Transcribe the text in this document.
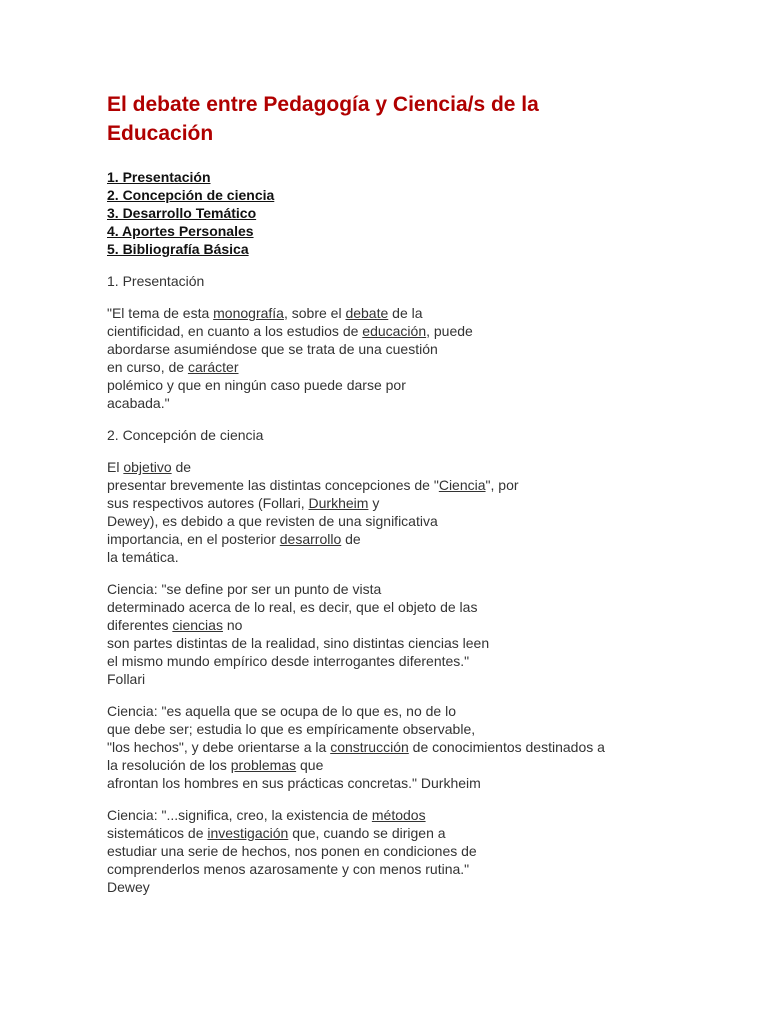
El debate entre Pedagogía y Ciencia/s de la Educación
1. Presentación
2. Concepción de ciencia
3. Desarrollo Temático
4. Aportes Personales
5. Bibliografía Básica
1. Presentación

"El tema de esta monografía, sobre el debate de la
cientificidad, en cuanto a los estudios de educación, puede
abordarse asumiéndose que se trata de una cuestión
en curso, de carácter
polémico y que en ningún caso puede darse por
acabada."

2. Concepción de ciencia

El objetivo de
presentar brevemente las distintas concepciones de "Ciencia", por
sus respectivos autores (Follari, Durkheim y
Dewey), es debido a que revisten de una significativa
importancia, en el posterior desarrollo de
la temática.

Ciencia: "se define por ser un punto de vista
determinado acerca de lo real, es decir, que el objeto de las
diferentes ciencias no
son partes distintas de la realidad, sino distintas ciencias leen
el mismo mundo empírico desde interrogantes diferentes."
Follari

Ciencia: "es aquella que se ocupa de lo que es, no de lo
que debe ser; estudia lo que es empíricamente observable,
"los hechos", y debe orientarse a la construcción de conocimientos destinados a
la resolución de los problemas que
afrontan los hombres en sus prácticas concretas." Durkheim

Ciencia: "...significa, creo, la existencia de métodos
sistemáticos de investigación que, cuando se dirigen a
estudiar una serie de hechos, nos ponen en condiciones de
comprenderlos menos azarosamente y con menos rutina."
Dewey
